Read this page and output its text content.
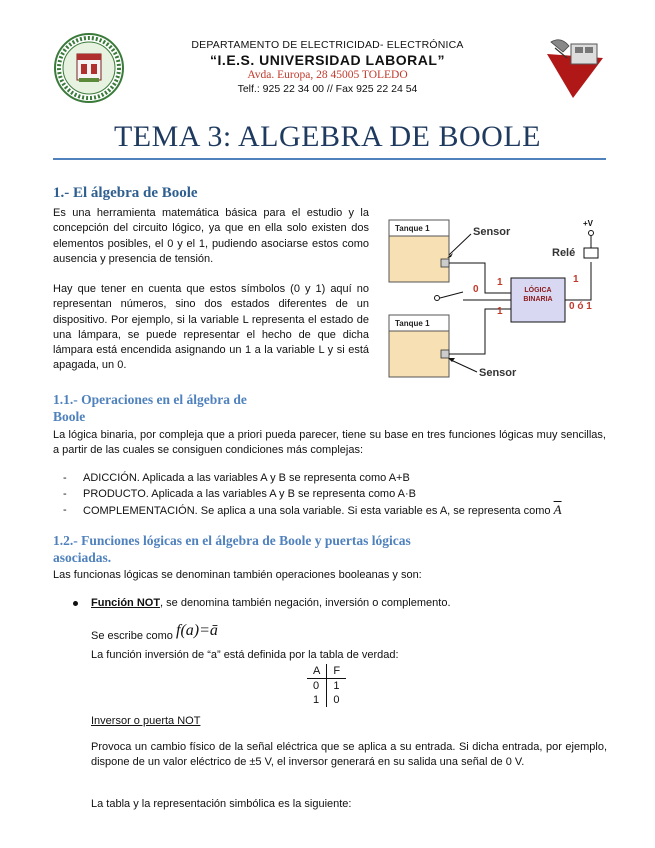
DEPARTAMENTO DE ELECTRICIDAD- ELECTRÓNICA
“I.E.S. UNIVERSIDAD LABORAL”
Avda. Europa, 28 45005 TOLEDO
Telf.: 925 22 34 00 // Fax 925 22 24 54
TEMA 3: ALGEBRA DE BOOLE
1.- El álgebra de Boole
Es una herramienta matemática básica para el estudio y la concepción del circuito lógico, ya que en ella solo existen dos elementos posibles, el 0 y el 1, pudiendo asociarse estos como ausencia y presencia de tensión.
Hay que tener en cuenta que estos símbolos (0 y 1) aquí no representan números, sino dos estados diferentes de un dispositivo. Por ejemplo, si la variable L representa el estado de una lámpara, se puede representar el hecho de que dicha lámpara está encendida asignando un 1 a la variable L y si está apagada, un 0.
Tanque 1
Tanque 1
Sensor
Sensor
Relé
+V
LÓGICA
BINARIA
1
0
1
1
0 ó 1
1.1.- Operaciones en el álgebra de
Boole
La lógica binaria, por compleja que a priori pueda parecer, tiene su base en tres funciones lógicas muy sencillas, a partir de las cuales se consiguen condiciones más complejas:
- ADICCIÓN. Aplicada a las variables A y B se representa como A+B
- PRODUCTO. Aplicada a las variables A y B se representa como A·B
- COMPLEMENTACIÓN. Se aplica a una sola variable. Si esta variable es A, se representa como $\overline{A}$
1.2.- Funciones lógicas en el álgebra de Boole y puertas lógicas
asociadas.
Las funcionas lógicas se denominan también operaciones booleanas y son:
Función NOT, se denomina también negación, inversión o complemento.
Se escribe como f(a)=ā
La función inversión de “a” está definida por la tabla de verdad:
A	F
0	1
1	0
Inversor o puerta NOT
Provoca un cambio físico de la señal eléctrica que se aplica a su entrada. Si dicha entrada, por ejemplo, dispone de un valor eléctrico de ±5 V, el inversor generará en su salida una señal de 0 V.
La tabla y la representación simbólica es la siguiente:
